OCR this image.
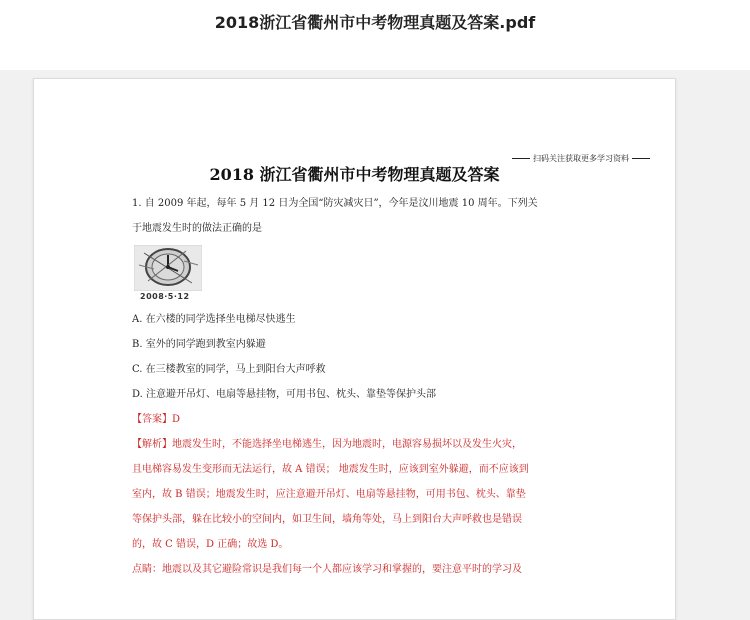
2018浙江省衢州市中考物理真题及答案.pdf
扫码关注获取更多学习资料
2018 浙江省衢州市中考物理真题及答案
1. 自 2009 年起，每年 5 月 12 日为全国“防灾减灾日”，今年是汶川地震 10 周年。下列关
于地震发生时的做法正确的是
2008·5·12
A. 在六楼的同学选择坐电梯尽快逃生
B. 室外的同学跑到教室内躲避
C. 在三楼教室的同学，马上到阳台大声呼救
D. 注意避开吊灯、电扇等悬挂物，可用书包、枕头、靠垫等保护头部
【答案】D
【解析】地震发生时，不能选择坐电梯逃生，因为地震时，电源容易损坏以及发生火灾，
且电梯容易发生变形而无法运行，故 A 错误； 地震发生时，应该到室外躲避，而不应该到
室内，故 B 错误；地震发生时，应注意避开吊灯、电扇等悬挂物，可用书包、枕头、靠垫
等保护头部，躲在比较小的空间内，如卫生间，墙角等处，马上到阳台大声呼救也是错误
的，故 C 错误，D 正确；故选 D。
点睛：地震以及其它避险常识是我们每一个人都应该学习和掌握的，要注意平时的学习及
